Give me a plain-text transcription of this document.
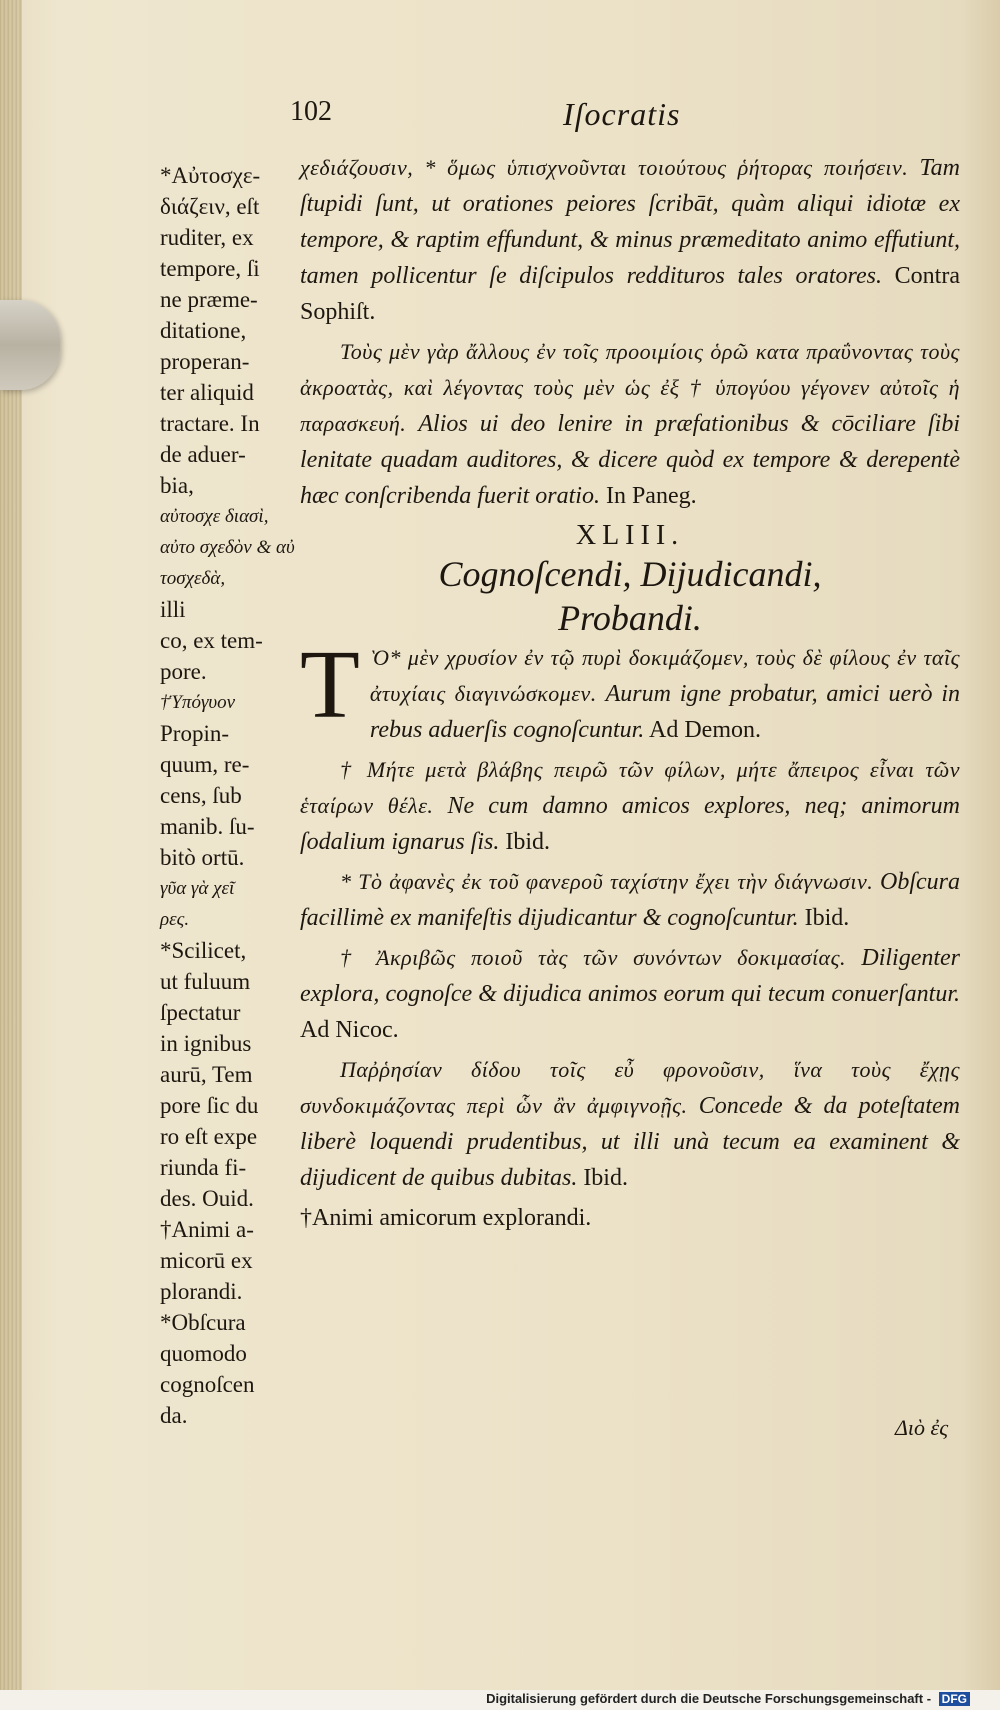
102	Iſocratis

*Αὐτοσχε-
διάζειν, eſt
ruditer, ex
tempore, ſi
ne præme-
ditatione,
properan-
ter aliquid
tractare. In
de aduer-
bia,

αὐτοσχε διασὶ, αὐτο σχεδὸν & αὐ τοσχεδὰ,

illi
co, ex tem-
pore.

†Ὑπόγυον

Propin-
quum, re-
cens, ſub
manib. ſu-
bitò ortū.

γῦα γὰ χεῖ
ρες.

*Scilicet,
ut fuluum
ſpectatur
in ignibus
aurū, Tem
pore ſic du
ro eſt expe
riunda fi-
des. Ouid.
†Animi a-
micorū ex
plorandi.
*Obſcura
quomodo
cognoſcen
da.

χεδιάζουσιν, * ὅμως ὑπισχνοῦνται τοιούτους ῥήτορας ποιήσειν. Tam ſtupidi ſunt, ut orationes peiores ſcribāt, quàm aliqui idiotæ ex tempore, & raptim effundunt, & minus præmeditato animo effutiunt, tamen pollicentur ſe diſcipulos reddituros tales oratores. Contra Sophiſt.

Τοὺς μὲν γὰρ ἄλλους ἐν τοῖς προοιμίοις ὁρῶ κατα πραΰνοντας τοὺς ἀκροατὰς, καὶ λέγοντας τοὺς μὲν ὡς ἐξ † ὑπογύου γέγονεν αὐτοῖς ἡ παρασκευή. Alios ui deo lenire in præfationibus & cōciliare ſibi lenitate quadam auditores, & dicere quòd ex tempore & derepentè hæc conſcribenda fuerit oratio. In Paneg.

XLIII.

Cognoſcendi, Dijudicandi,

Probandi.

T Ὸ* μὲν χρυσίον ἐν τῷ πυρὶ δοκιμάζομεν, τοὺς δὲ φίλους ἐν ταῖς ἀτυχίαις διαγινώσκομεν. Aurum igne probatur, amici uerò in rebus aduerſis cognoſcuntur. Ad Demon.

† Μήτε μετὰ βλάβης πειρῶ τῶν φίλων, μήτε ἄπειρος εἶναι τῶν ἑταίρων θέλε. Ne cum damno amicos explores, neq; animorum ſodalium ignarus ſis. Ibid.

* Τὸ ἀφανὲς ἐκ τοῦ φανεροῦ ταχίστην ἔχει τὴν διάγνωσιν. Obſcura facillimè ex manifeſtis dijudicantur & cognoſcuntur. Ibid.

† Ἀκριβῶς ποιοῦ τὰς τῶν συνόντων δοκιμασίας. Diligenter explora, cognoſce & dijudica animos eorum qui tecum conuerſantur. Ad Nicoc.

Παῤῥησίαν δίδου τοῖς εὖ φρονοῦσιν, ἵνα τοὺς ἔχῃς συνδοκιμάζοντας περὶ ὧν ἂν ἀμφιγνοῇς. Concede & da poteſtatem liberè loquendi prudentibus, ut illi unà tecum ea examinent & dijudicent de quibus dubitas. Ibid.

†Animi amicorum explorandi.

Διὸ ἐς
Digitalisierung gefördert durch die Deutsche Forschungsgemeinschaft - DFG
